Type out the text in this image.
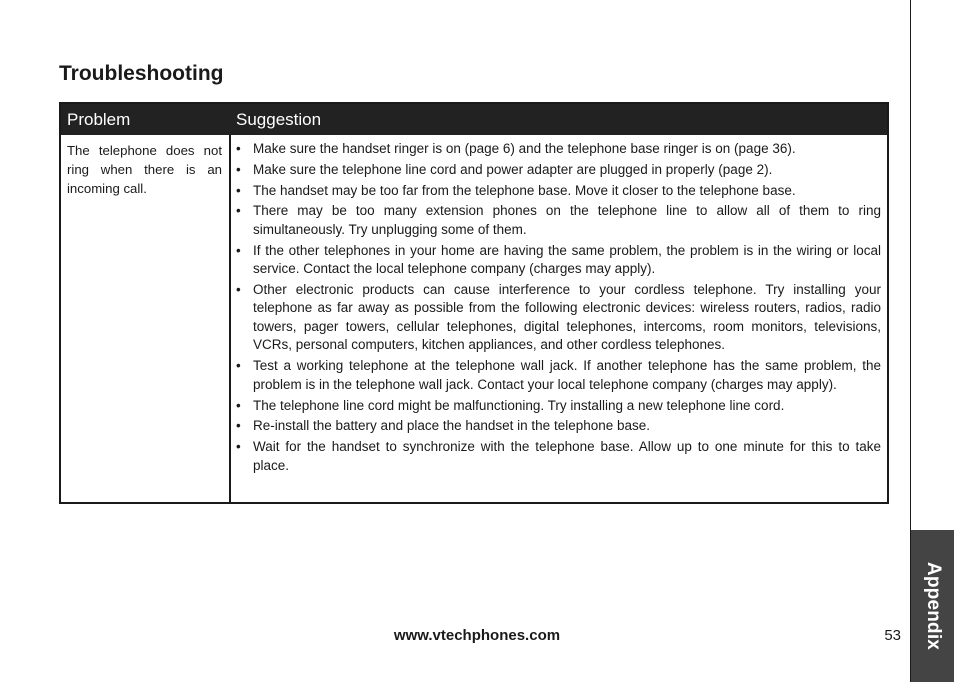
Appendix
Troubleshooting
Problem	Suggestion

The telephone does not ring when there is an incoming call.

• Make sure the handset ringer is on (page 6) and the telephone base ringer is on (page 36).
• Make sure the telephone line cord and power adapter are plugged in properly (page 2).
• The handset may be too far from the telephone base. Move it closer to the telephone base.
• There may be too many extension phones on the telephone line to allow all of them to ring simultaneously. Try unplugging some of them.
• If the other telephones in your home are having the same problem, the problem is in the wiring or local service. Contact the local telephone company (charges may apply).
• Other electronic products can cause interference to your cordless telephone. Try installing your telephone as far away as possible from the following electronic devices: wireless routers, radios, radio towers, pager towers, cellular telephones, digital telephones, intercoms, room monitors, televisions, VCRs, personal computers, kitchen appliances, and other cordless telephones.
• Test a working telephone at the telephone wall jack. If another telephone has the same problem, the problem is in the telephone wall jack. Contact your local telephone company (charges may apply).
• The telephone line cord might be malfunctioning. Try installing a new telephone line cord.
• Re-install the battery and place the handset in the telephone base.
• Wait for the handset to synchronize with the telephone base. Allow up to one minute for this to take place.

www.vtechphones.com	53
